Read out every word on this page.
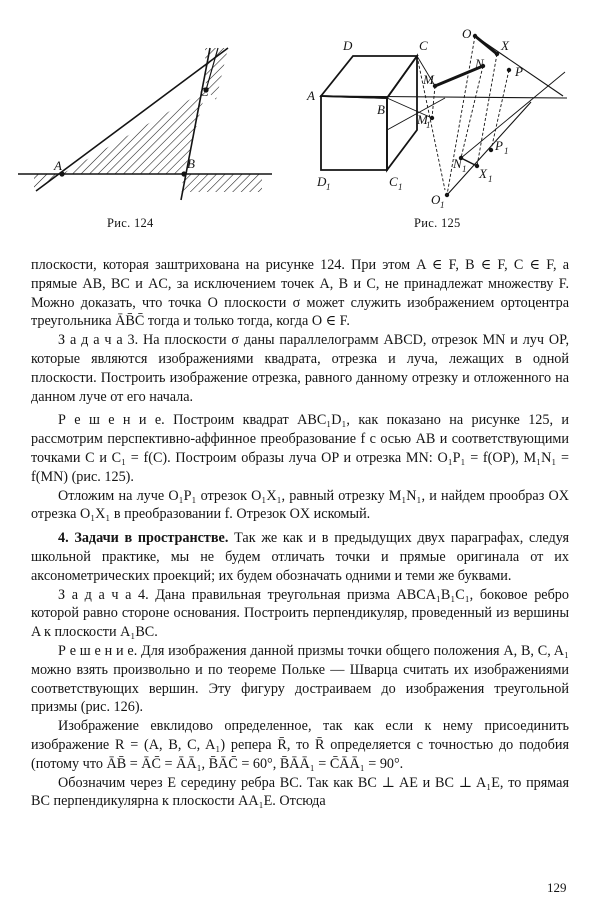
A	B
C
Рис. 124
A
B
C
D
C 1
D 1
O
X
N
P
M
M
1
N 1 X 1
P 1
O 1
Рис. 125

плоскости, которая заштрихована на рисунке 124. При этом A ∈ F, B ∈ F, C ∈ F, а прямые AB, BC и AC, за исключением точек A, B и C, не принадлежат множеству F. Можно доказать, что точка O плоскости σ может служить изображением ортоцентра треугольника ĀB̄C̄ тогда и только тогда, когда O ∈ F.

З а д а ч а 3. На плоскости σ даны параллелограмм ABCD, отрезок MN и луч OP, которые являются изображениями квадрата, отрезка и луча, лежащих в одной плоскости. Построить изображение отрезка, равного данному отрезку и отложенного на данном луче от его начала.

Р е ш е н и е. Построим квадрат ABC₁D₁, как показано на рисунке 125, и рассмотрим перспективно-аффинное преобразование f с осью AB и соответствующими точками C и C₁ = f(C). Построим образы луча OP и отрезка MN: O₁P₁ = f(OP), M₁N₁ = f(MN) (рис. 125).

Отложим на луче O₁P₁ отрезок O₁X₁, равный отрезку M₁N₁, и найдем прообраз OX отрезка O₁X₁ в преобразовании f. Отрезок OX искомый.

4. Задачи в пространстве. Так же как и в предыдущих двух параграфах, следуя школьной практике, мы не будем отличать точки и прямые оригинала от их аксонометрических проекций; их будем обозначать одними и теми же буквами.

З а д а ч а 4. Дана правильная треугольная призма ABCA₁B₁C₁, боковое ребро которой равно стороне основания. Построить перпендикуляр, проведенный из вершины A к плоскости A₁BC.

Р е ш е н и е. Для изображения данной призмы точки общего положения A, B, C, A₁ можно взять произвольно и по теореме Польке — Шварца считать их изображениями соответствующих вершин. Эту фигуру достраиваем до изображения треугольной призмы (рис. 126).

Изображение евклидово определенное, так как если к нему присоединить изображение R = (A, B, C, A₁) репера R̄, то R̄ определяется с точностью до подобия (потому что ĀB̄ = ĀC̄ = ĀĀ₁, B̄ĀC̄ = 60°, B̄ĀĀ₁ = C̄ĀĀ₁ = 90°.

Обозначим через E середину ребра BC. Так как BC ⊥ AE и BC ⊥ A₁E, то прямая BC перпендикулярна к плоскости AA₁E. Отсюда

129
